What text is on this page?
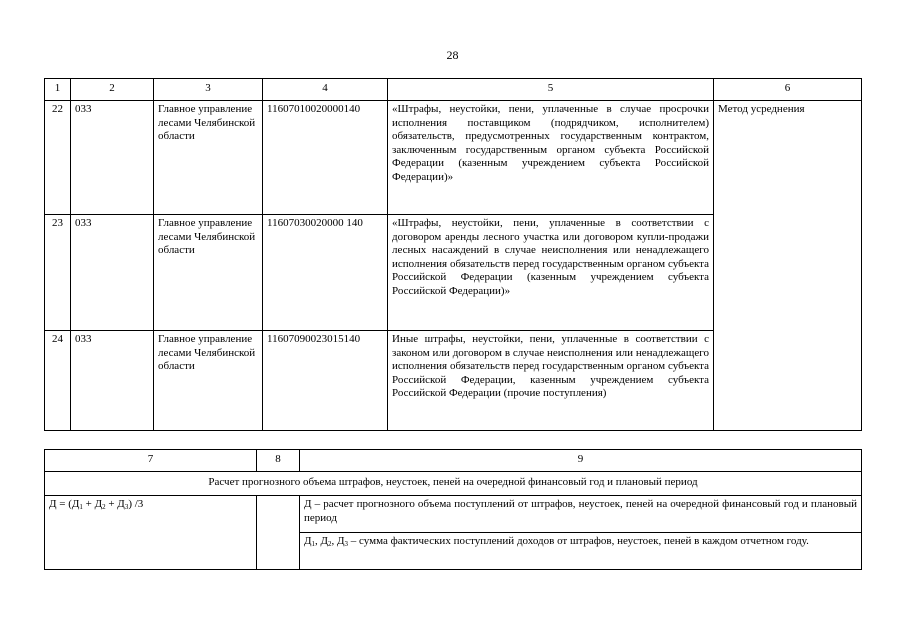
28
1	2	3	4	5	6
22	033	Главное управление лесами Челябинской области	11607010020000140	«Штрафы, неустойки, пени, уплаченные в случае просрочки исполнения поставщиком (подрядчиком, исполнителем) обязательств, предусмотренных государственным контрактом, заключенным государственным органом субъекта Российской Федерации (казенным учреждением субъекта Российской Федерации)»	Метод усреднения
23	033	Главное управление лесами Челябинской области	11607030020000 140	«Штрафы, неустойки, пени, уплаченные в соответствии с договором аренды лесного участка или договором купли-продажи лесных насаждений в случае неисполнения или ненадлежащего исполнения обязательств перед государственным органом субъекта Российской Федерации (казенным учреждением субъекта Российской Федерации)»	
24	033	Главное управление лесами Челябинской области	11607090023015140	Иные штрафы, неустойки, пени, уплаченные в соответствии с законом или договором в случае неисполнения или ненадлежащего исполнения обязательств перед государственным органом субъекта Российской Федерации, казенным учреждением субъекта Российской Федерации (прочие поступления)	
7	8	9
Расчет прогнозного объема штрафов, неустоек, пеней на очередной финансовый год и плановый период		
$Д = (Д_1 + Д_2 + Д_3)$ /3		Д – расчет прогнозного объема поступлений от штрафов, неустоек, пеней на очередной финансовый год и плановый период
		$Д_1$, $Д_2$, $Д_3$ – сумма фактических поступлений доходов от штрафов, неустоек, пеней в каждом отчетном году.
